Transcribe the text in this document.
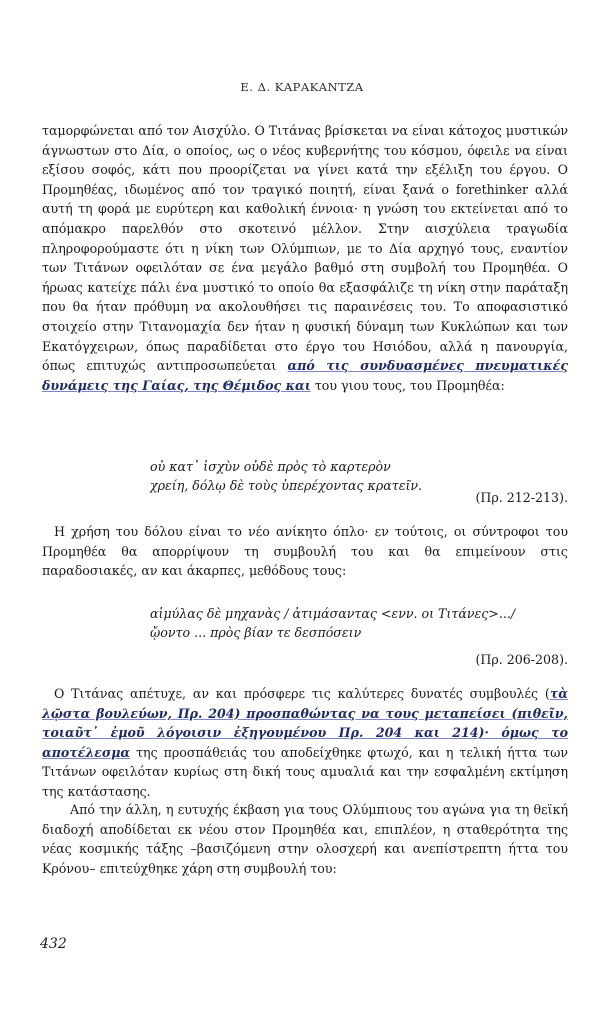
Ε. Δ. ΚΑΡΑΚΑΝΤΖΑ
ταμορφώνεται από τον Αισχύλο. Ο Τιτάνας βρίσκεται να είναι κάτοχος μυστικών άγνωστων στο Δία, ο οποίος, ως ο νέος κυβερνήτης του κόσμου, όφειλε να είναι εξίσου σοφός, κάτι που προορίζεται να γίνει κατά την εξέλιξη του έργου. Ο Προμηθέας, ιδωμένος από τον τραγικό ποιητή, είναι ξανά ο forethinker αλλά αυτή τη φορά με ευρύτερη και καθολική έννοια· η γνώση του εκτείνεται από το απόμακρο παρελθόν στο σκοτεινό μέλλον. Στην αισχύλεια τραγωδία πληροφορούμαστε ότι η νίκη των Ολύμπιων, με το Δία αρχηγό τους, εναντίον των Τιτάνων οφειλόταν σε ένα μεγάλο βαθμό στη συμβολή του Προμηθέα. Ο ήρωας κατείχε πάλι ένα μυστικό το οποίο θα εξασφάλιζε τη νίκη στην παράταξη που θα ήταν πρόθυμη να ακολουθήσει τις παραινέσεις του. Το αποφασιστικό στοιχείο στην Τιτανομαχία δεν ήταν η φυσική δύναμη των Κυκλώπων και των Εκατόγχειρων, όπως παραδίδεται στο έργο του Ησιόδου, αλλά η πανουργία, όπως επιτυχώς αντιπροσωπεύεται από τις συνδυασμένες πνευματικές δυνάμεις της Γαίας, της Θέμιδος και του γιου τους, του Προμηθέα:
οὐ κατ᾽ ἰσχὺν οὐδὲ πρὸς τὸ καρτερὸν
χρείη, δόλῳ δὲ τοὺς ὑπερέχοντας κρατεῖν.
(Πρ. 212-213).
Η χρήση του δόλου είναι το νέο ανίκητο όπλο· εν τούτοις, οι σύντροφοι του Προμηθέα θα απορρίψουν τη συμβουλή του και θα επιμείνουν στις παραδοσιακές, αν και άκαρπες, μεθόδους τους:
αἱμύλας δὲ μηχανὰς / ἀτιμάσαντας <ενν. οι Τιτάνες>.../
ᾤοντο ... πρὸς βίαν τε δεσπόσειν
(Πρ. 206-208).
Ο Τιτάνας απέτυχε, αν και πρόσφερε τις καλύτερες δυνατές συμβουλές (τὰ λῷστα βουλεύων, Πρ. 204) προσπαθώντας να τους μεταπείσει (πιθεῖν, τοιαῦτ᾽ ἐμοῦ λόγοισιν ἐξηγουμένου Πρ. 204 και 214)· όμως το αποτέλεσμα της προσπάθειάς του αποδείχθηκε φτωχό, και η τελική ήττα των Τιτάνων οφειλόταν κυρίως στη δική τους αμυαλιά και την εσφαλμένη εκτίμηση της κατάστασης.
Από την άλλη, η ευτυχής έκβαση για τους Ολύμπιους του αγώνα για τη θεϊκή διαδοχή αποδίδεται εκ νέου στον Προμηθέα και, επιπλέον, η σταθερότητα της νέας κοσμικής τάξης –βασιζόμενη στην ολοσχερή και ανεπίστρεπτη ήττα του Κρόνου– επιτεύχθηκε χάρη στη συμβουλή του:
432
